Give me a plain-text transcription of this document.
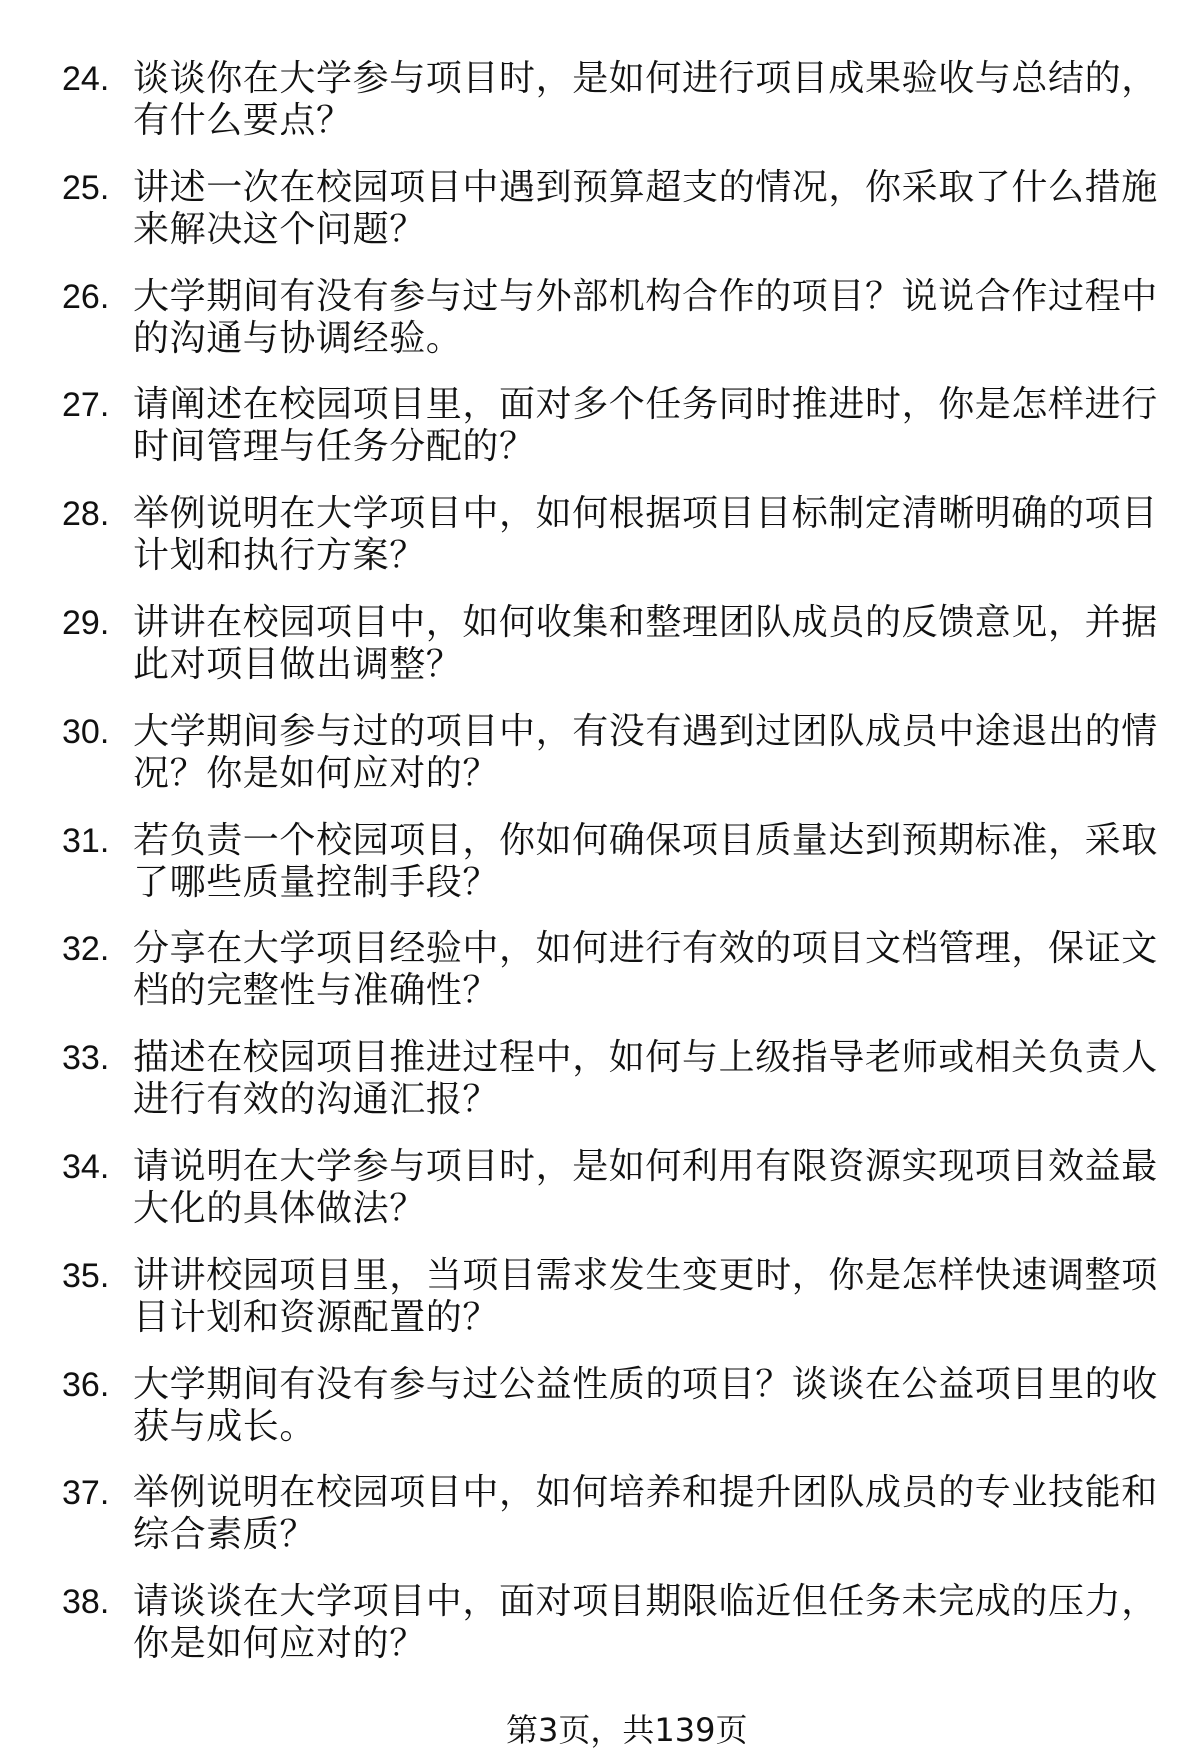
24. 谈谈你在大学参与项目时，是如何进行项目成果验收与总结的，
有什么要点？
25. 讲述一次在校园项目中遇到预算超支的情况，你采取了什么措施
来解决这个问题？
26. 大学期间有没有参与过与外部机构合作的项目？说说合作过程中
的沟通与协调经验。
27. 请阐述在校园项目里，面对多个任务同时推进时，你是怎样进行
时间管理与任务分配的？
28. 举例说明在大学项目中，如何根据项目目标制定清晰明确的项目
计划和执行方案？
29. 讲讲在校园项目中，如何收集和整理团队成员的反馈意见，并据
此对项目做出调整？
30. 大学期间参与过的项目中，有没有遇到过团队成员中途退出的情
况？你是如何应对的？
31. 若负责一个校园项目，你如何确保项目质量达到预期标准，采取
了哪些质量控制手段？
32. 分享在大学项目经验中，如何进行有效的项目文档管理，保证文
档的完整性与准确性？
33. 描述在校园项目推进过程中，如何与上级指导老师或相关负责人
进行有效的沟通汇报？
34. 请说明在大学参与项目时，是如何利用有限资源实现项目效益最
大化的具体做法？
35. 讲讲校园项目里，当项目需求发生变更时，你是怎样快速调整项
目计划和资源配置的？
36. 大学期间有没有参与过公益性质的项目？谈谈在公益项目里的收
获与成长。
37. 举例说明在校园项目中，如何培养和提升团队成员的专业技能和
综合素质？
38. 请谈谈在大学项目中，面对项目期限临近但任务未完成的压力，
你是如何应对的？
第3页，共139页
